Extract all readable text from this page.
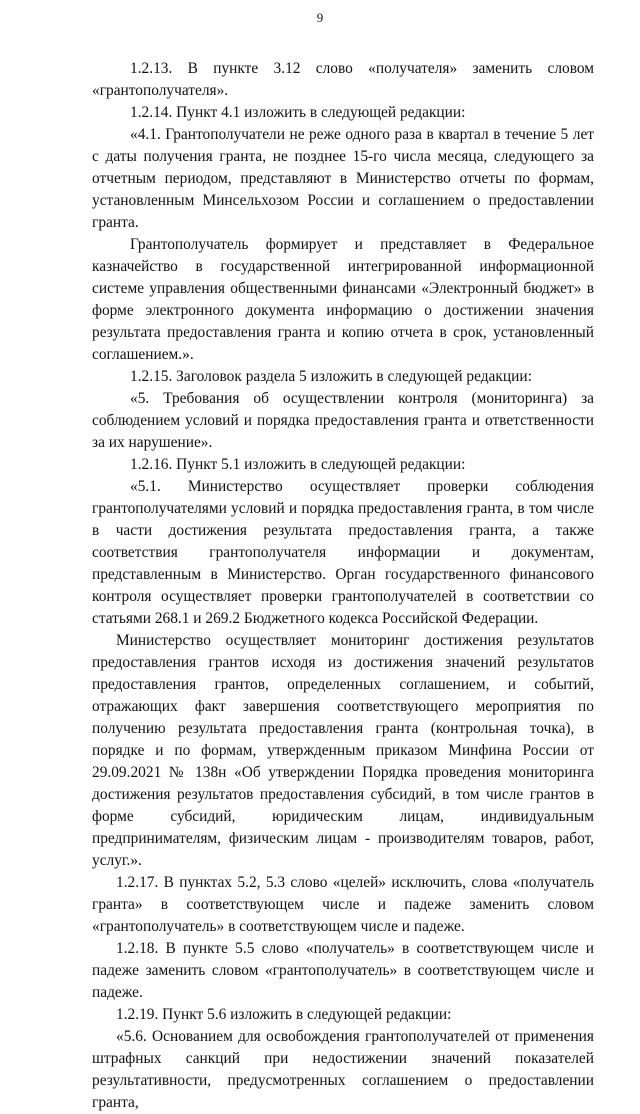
9

1.2.13. В пункте 3.12 слово «получателя» заменить словом «грантополучателя».

1.2.14. Пункт 4.1 изложить в следующей редакции:

«4.1. Грантополучатели не реже одного раза в квартал в течение 5 лет с даты получения гранта, не позднее 15-го числа месяца, следующего за отчетным периодом, представляют в Министерство отчеты по формам, установленным Минсельхозом России и соглашением о предоставлении гранта.

Грантополучатель формирует и представляет в Федеральное казначейство в государственной интегрированной информационной системе управления общественными финансами «Электронный бюджет» в форме электронного документа информацию о достижении значения результата предоставления гранта и копию отчета в срок, установленный соглашением.».

1.2.15. Заголовок раздела 5 изложить в следующей редакции:

«5. Требования об осуществлении контроля (мониторинга) за соблюдением условий и порядка предоставления гранта и ответственности за их нарушение».

1.2.16. Пункт 5.1 изложить в следующей редакции:

«5.1. Министерство осуществляет проверки соблюдения грантополучателями условий и порядка предоставления гранта, в том числе в части достижения результата предоставления гранта, а также соответствия грантополучателя информации и документам, представленным в Министерство. Орган государственного финансового контроля осуществляет проверки грантополучателей в соответствии со статьями 268.1 и 269.2 Бюджетного кодекса Российской Федерации.

Министерство осуществляет мониторинг достижения результатов предоставления грантов исходя из достижения значений результатов предоставления грантов, определенных соглашением, и событий, отражающих факт завершения соответствующего мероприятия по получению результата предоставления гранта (контрольная точка), в порядке и по формам, утвержденным приказом Минфина России от 29.09.2021 № 138н «Об утверждении Порядка проведения мониторинга достижения результатов предоставления субсидий, в том числе грантов в форме субсидий, юридическим лицам, индивидуальным предпринимателям, физическим лицам - производителям товаров, работ, услуг.».

1.2.17. В пунктах 5.2, 5.3 слово «целей» исключить, слова «получатель гранта» в соответствующем числе и падеже заменить словом «грантополучатель» в соответствующем числе и падеже.

1.2.18. В пункте 5.5 слово «получатель» в соответствующем числе и падеже заменить словом «грантополучатель» в соответствующем числе и падеже.

1.2.19. Пункт 5.6 изложить в следующей редакции:

«5.6. Основанием для освобождения грантополучателей от применения штрафных санкций при недостижении значений показателей результативности, предусмотренных соглашением о предоставлении гранта,
